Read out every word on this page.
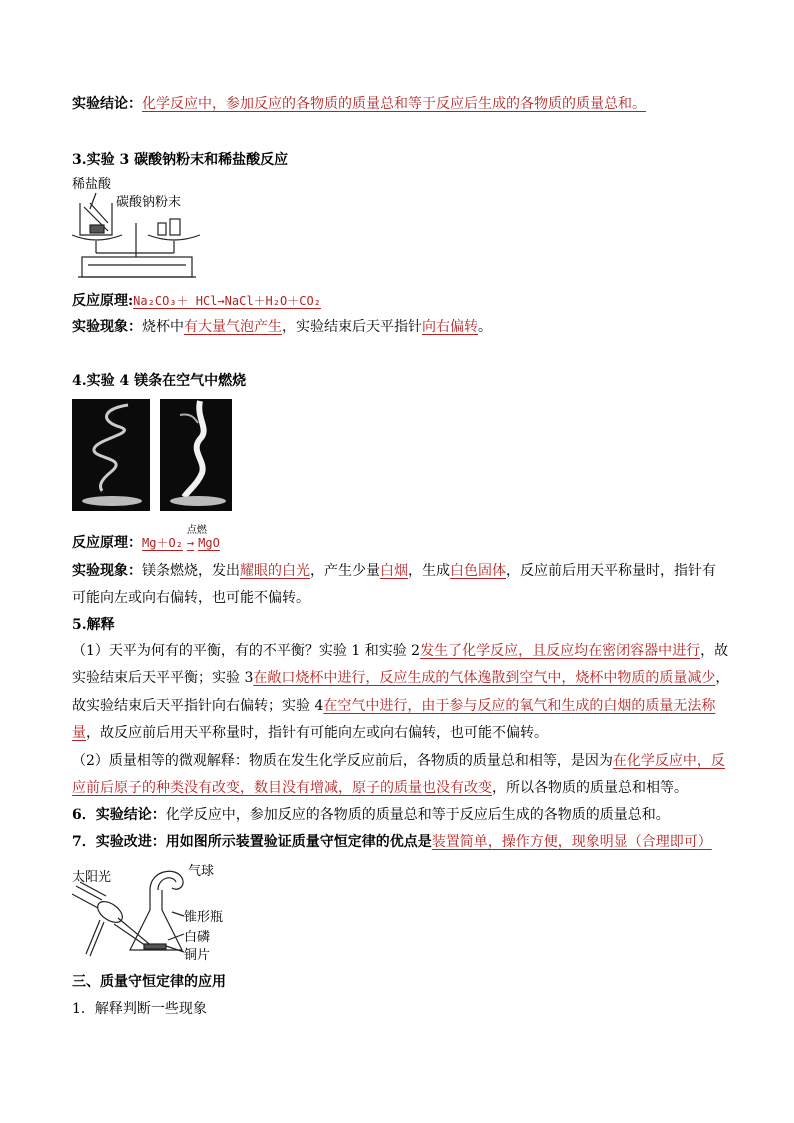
实验结论：化学反应中，参加反应的各物质的质量总和等于反应后生成的各物质的质量总和。
3.实验 3 碳酸钠粉末和稀盐酸反应
稀盐酸
碳酸钠粉末
反应原理:Na₂CO₃＋ HCl→NaCl＋H₂O＋CO₂
实验现象：烧杯中有大量气泡产生，实验结束后天平指针向右偏转。
4.实验 4 镁条在空气中燃烧
反应原理：Mg＋O₂
点燃
→ MgO
实验现象：镁条燃烧，发出耀眼的白光，产生少量白烟，生成白色固体，反应前后用天平称量时，指针有
可能向左或向右偏转，也可能不偏转。
5.解释
（1）天平为何有的平衡，有的不平衡？实验 1 和实验 2发生了化学反应，且反应均在密闭容器中进行，故
实验结束后天平平衡；实验 3在敞口烧杯中进行，反应生成的气体逸散到空气中，烧杯中物质的质量减少，
故实验结束后天平指针向右偏转；实验 4在空气中进行，由于参与反应的氧气和生成的白烟的质量无法称
量，故反应前后用天平称量时，指针有可能向左或向右偏转，也可能不偏转。
（2）质量相等的微观解释：物质在发生化学反应前后，各物质的质量总和相等，是因为在化学反应中，反
应前后原子的种类没有改变，数目没有增减，原子的质量也没有改变，所以各物质的质量总和相等。
6．实验结论：化学反应中，参加反应的各物质的质量总和等于反应后生成的各物质的质量总和。
7．实验改进：用如图所示装置验证质量守恒定律的优点是装置简单，操作方便，现象明显（合理即可）
太阳光	气球
锥形瓶
白磷
铜片
三、质量守恒定律的应用
1．解释判断一些现象
